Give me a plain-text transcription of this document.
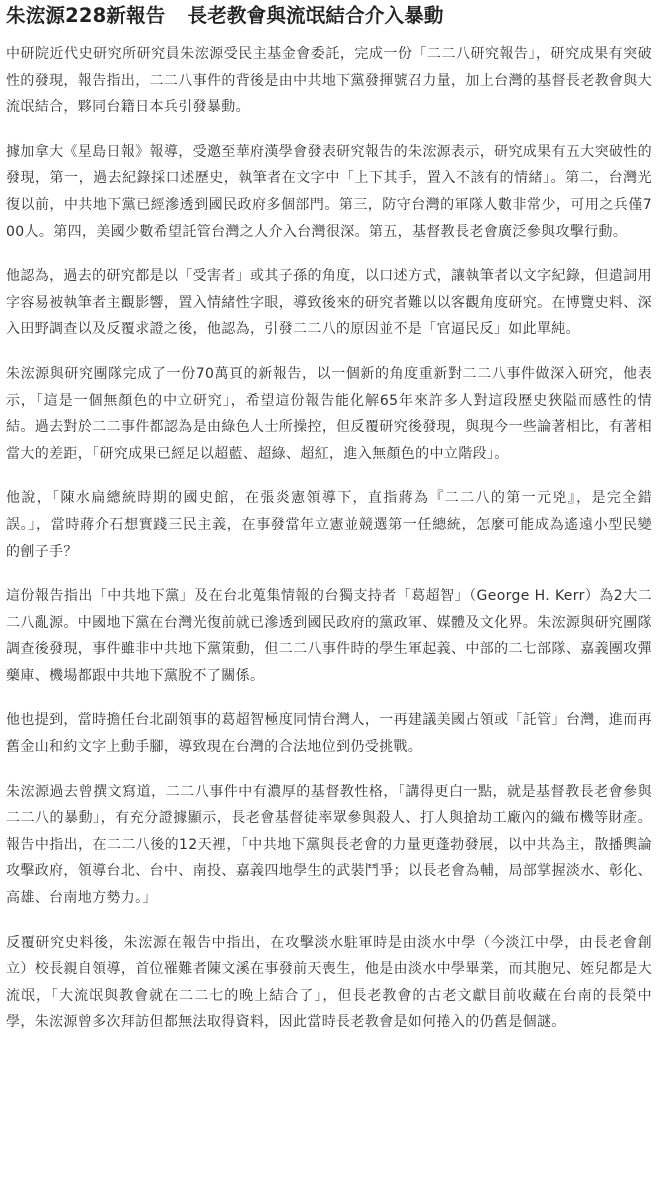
朱浤源228新報告 長老教會與流氓結合介入暴動

中研院近代史研究所研究員朱浤源受民主基金會委託，完成一份「二二八研究報告」，研究成果有突破性的發現，報告指出，二二八事件的背後是由中共地下黨發揮號召力量，加上台灣的基督長老教會與大流氓結合，夥同台籍日本兵引發暴動。

據加拿大《星島日報》報導，受邀至華府漢學會發表研究報告的朱浤源表示，研究成果有五大突破性的發現，第一，過去紀錄採口述歷史，執筆者在文字中「上下其手，置入不該有的情緒」。第二，台灣光復以前，中共地下黨已經滲透到國民政府多個部門。第三，防守台灣的軍隊人數非常少，可用之兵僅700人。第四，美國少數希望託管台灣之人介入台灣很深。第五，基督教長老會廣泛參與攻擊行動。

他認為，過去的研究都是以「受害者」或其子孫的角度，以口述方式，讓執筆者以文字紀錄，但遣詞用字容易被執筆者主觀影響，置入情緒性字眼，導致後來的研究者難以以客觀角度研究。在博覽史料、深入田野調查以及反覆求證之後，他認為，引發二二八的原因並不是「官逼民反」如此單純。

朱浤源與研究團隊完成了一份70萬頁的新報告，以一個新的角度重新對二二八事件做深入研究，他表示，「這是一個無顏色的中立研究」，希望這份報告能化解65年來許多人對這段歷史狹隘而感性的情結。過去對於二二事件都認為是由綠色人士所操控，但反覆研究後發現，與現今一些論著相比，有著相當大的差距，「研究成果已經足以超藍、超綠、超紅，進入無顏色的中立階段」。

他說，「陳水扁總統時期的國史館，在張炎憲領導下，直指蔣為『二二八的第一元兇』，是完全錯誤。」，當時蔣介石想實踐三民主義，在事發當年立憲並競選第一任總統，怎麼可能成為遙遠小型民變的劊子手？

這份報告指出「中共地下黨」及在台北蒐集情報的台獨支持者「葛超智」（George H. Kerr）為2大二二八亂源。中國地下黨在台灣光復前就已滲透到國民政府的黨政軍、媒體及文化界。朱浤源與研究團隊調查後發現，事件雖非中共地下黨策動，但二二八事件時的學生軍起義、中部的二七部隊、嘉義團攻彈藥庫、機場都跟中共地下黨脫不了關係。

他也提到，當時擔任台北副領事的葛超智極度同情台灣人，一再建議美國占領或「託管」台灣，進而再舊金山和約文字上動手腳，導致現在台灣的合法地位到仍受挑戰。

朱浤源過去曾撰文寫道，二二八事件中有濃厚的基督教性格，「講得更白一點，就是基督教長老會參與二二八的暴動」，有充分證據顯示，長老會基督徒率眾參與殺人、打人與搶劫工廠內的織布機等財產。報告中指出，在二二八後的12天裡，「中共地下黨與長老會的力量更蓬勃發展，以中共為主，散播輿論攻擊政府，領導台北、台中、南投、嘉義四地學生的武裝鬥爭；以長老會為輔，局部掌握淡水、彰化、高雄、台南地方勢力。」

反覆研究史料後，朱浤源在報告中指出，在攻擊淡水駐軍時是由淡水中學（今淡江中學，由長老會創立）校長親自領導，首位罹難者陳文溪在事發前天喪生，他是由淡水中學畢業，而其胞兄、姪兒都是大流氓，「大流氓與教會就在二二七的晚上結合了」，但長老教會的古老文獻目前收藏在台南的長榮中學，朱浤源曾多次拜訪但都無法取得資料，因此當時長老教會是如何捲入的仍舊是個謎。
